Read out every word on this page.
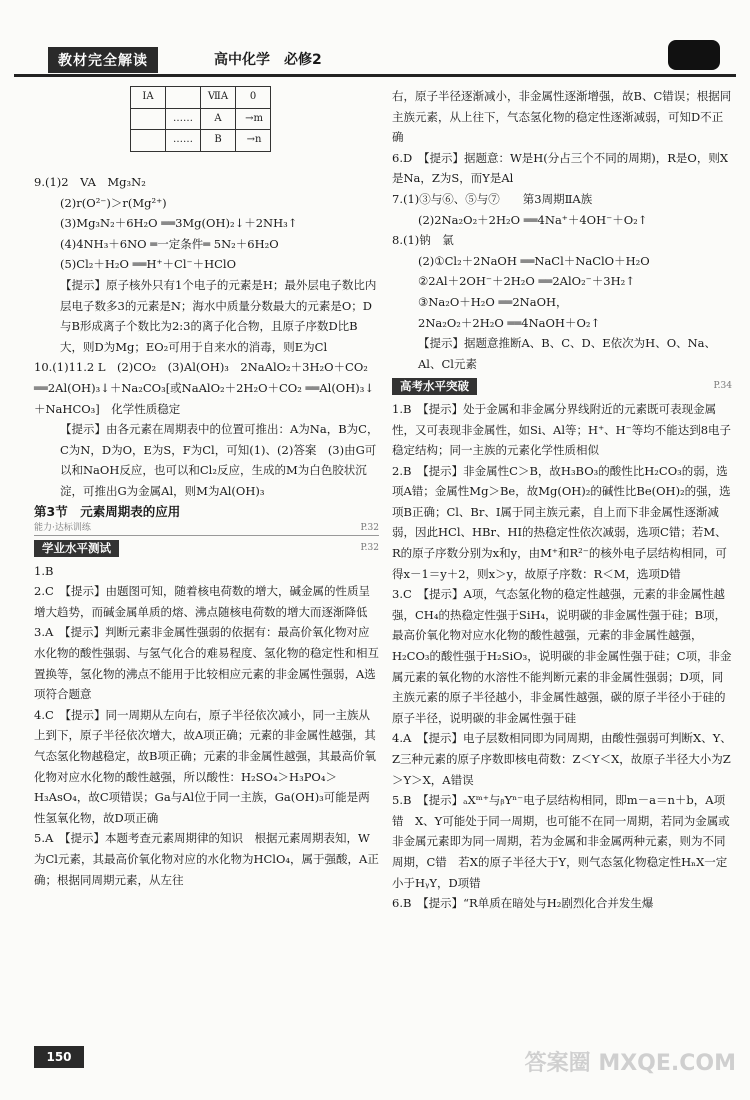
教材完全解读	高中化学　必修2
ⅠA		ⅦA	0
	……	A	→m
	……	B	→n

9.(1)2　VA　Mg₃N₂

(2)r(O²⁻)＞r(Mg²⁺)

(3)Mg₃N₂＋6H₂O ══3Mg(OH)₂↓＋2NH₃↑

(4)4NH₃＋6NO ═一定条件═ 5N₂＋6H₂O

(5)Cl₂＋H₂O ══H⁺＋Cl⁻＋HClO

【提示】原子核外只有1个电子的元素是H；最外层电子数比内层电子数多3的元素是N；海水中质量分数最大的元素是O；D与B形成离子个数比为2:3的离子化合物，且原子序数D比B大，则D为Mg；EO₂可用于自来水的消毒，则E为Cl

10.(1)11.2 L　(2)CO₂　(3)Al(OH)₃　2NaAlO₂＋3H₂O＋CO₂ ══2Al(OH)₃↓＋Na₂CO₃[或NaAlO₂＋2H₂O＋CO₂ ══Al(OH)₃↓＋NaHCO₃]　化学性质稳定

【提示】由各元素在周期表中的位置可推出：A为Na，B为C，C为N，D为O，E为S，F为Cl，可知(1)、(2)答案　(3)由G可以和NaOH反应，也可以和Cl₂反应，生成的M为白色胶状沉淀，可推出G为金属Al，则M为Al(OH)₃

第3节　元素周期表的应用
能力·达标训练	P.32
学业水平测试	P.32

1.B

2.C　【提示】由题图可知，随着核电荷数的增大，碱金属的性质呈增大趋势，而碱金属单质的熔、沸点随核电荷数的增大而逐渐降低

3.A　【提示】判断元素非金属性强弱的依据有：最高价氧化物对应水化物的酸性强弱、与氢气化合的难易程度、氢化物的稳定性和相互置换等，氢化物的沸点不能用于比较相应元素的非金属性强弱，A选项符合题意

4.C　【提示】同一周期从左向右，原子半径依次减小，同一主族从上到下，原子半径依次增大，故A项正确；元素的非金属性越强，其气态氢化物越稳定，故B项正确；元素的非金属性越强，其最高价氧化物对应水化物的酸性越强，所以酸性：H₂SO₄＞H₃PO₄＞H₃AsO₄，故C项错误；Ga与Al位于同一主族，Ga(OH)₃可能是两性氢氧化物，故D项正确

5.A　【提示】本题考查元素周期律的知识　根据元素周期表知，W为Cl元素，其最高价氧化物对应的水化物为HClO₄，属于强酸，A正确；根据同周期元素，从左往

右，原子半径逐渐减小，非金属性逐渐增强，故B、C错误；根据同主族元素，从上往下，气态氢化物的稳定性逐渐减弱，可知D不正确

6.D　【提示】据题意：W是H(分占三个不同的周期)，R是O，则X是Na，Z为S，而Y是Al

7.(1)③与⑥、⑤与⑦　　第3周期ⅡA族

(2)2Na₂O₂＋2H₂O ══4Na⁺＋4OH⁻＋O₂↑

8.(1)钠　氯

(2)①Cl₂＋2NaOH ══NaCl＋NaClO＋H₂O

②2Al＋2OH⁻＋2H₂O ══2AlO₂⁻＋3H₂↑

③Na₂O＋H₂O ══2NaOH，

2Na₂O₂＋2H₂O ══4NaOH＋O₂↑

【提示】据题意推断A、B、C、D、E依次为H、O、Na、Al、Cl元素

高考水平突破	P.34

1.B　【提示】处于金属和非金属分界线附近的元素既可表现金属性，又可表现非金属性，如Si、Al等；H⁺、H⁻等均不能达到8电子稳定结构；同一主族的元素化学性质相似

2.B　【提示】非金属性C＞B，故H₃BO₃的酸性比H₂CO₃的弱，选项A错；金属性Mg＞Be，故Mg(OH)₂的碱性比Be(OH)₂的强，选项B正确；Cl、Br、I属于同主族元素，自上而下非金属性逐渐减弱，因此HCl、HBr、HI的热稳定性依次减弱，选项C错；若M、R的原子序数分别为x和y，由M⁺和R²⁻的核外电子层结构相同，可得x－1＝y＋2，则x＞y，故原子序数：R＜M，选项D错

3.C　【提示】A项，气态氢化物的稳定性越强，元素的非金属性越强，CH₄的热稳定性强于SiH₄，说明碳的非金属性强于硅；B项，最高价氧化物对应水化物的酸性越强，元素的非金属性越强，H₂CO₃的酸性强于H₂SiO₃，说明碳的非金属性强于硅；C项，非金属元素的氧化物的水溶性不能判断元素的非金属性强弱；D项，同主族元素的原子半径越小，非金属性越强，碳的原子半径小于硅的原子半径，说明碳的非金属性强于硅

4.A　【提示】电子层数相同即为同周期，由酸性强弱可判断X、Y、Z三种元素的原子序数即核电荷数：Z＜Y＜X，故原子半径大小为Z＞Y＞X，A错误

5.B　【提示】ₐXᵐ⁺与ᵦYⁿ⁻电子层结构相同，即m－a＝n＋b，A项错　X、Y可能处于同一周期，也可能不在同一周期，若同为金属或非金属元素即为同一周期，若为金属和非金属两种元素，则为不同周期，C错　若X的原子半径大于Y，则气态氢化物稳定性HₙX一定小于HᵧY，D项错

6.B　【提示】“R单质在暗处与H₂剧烈化合并发生爆

150	答案圈 MXQE.COM
